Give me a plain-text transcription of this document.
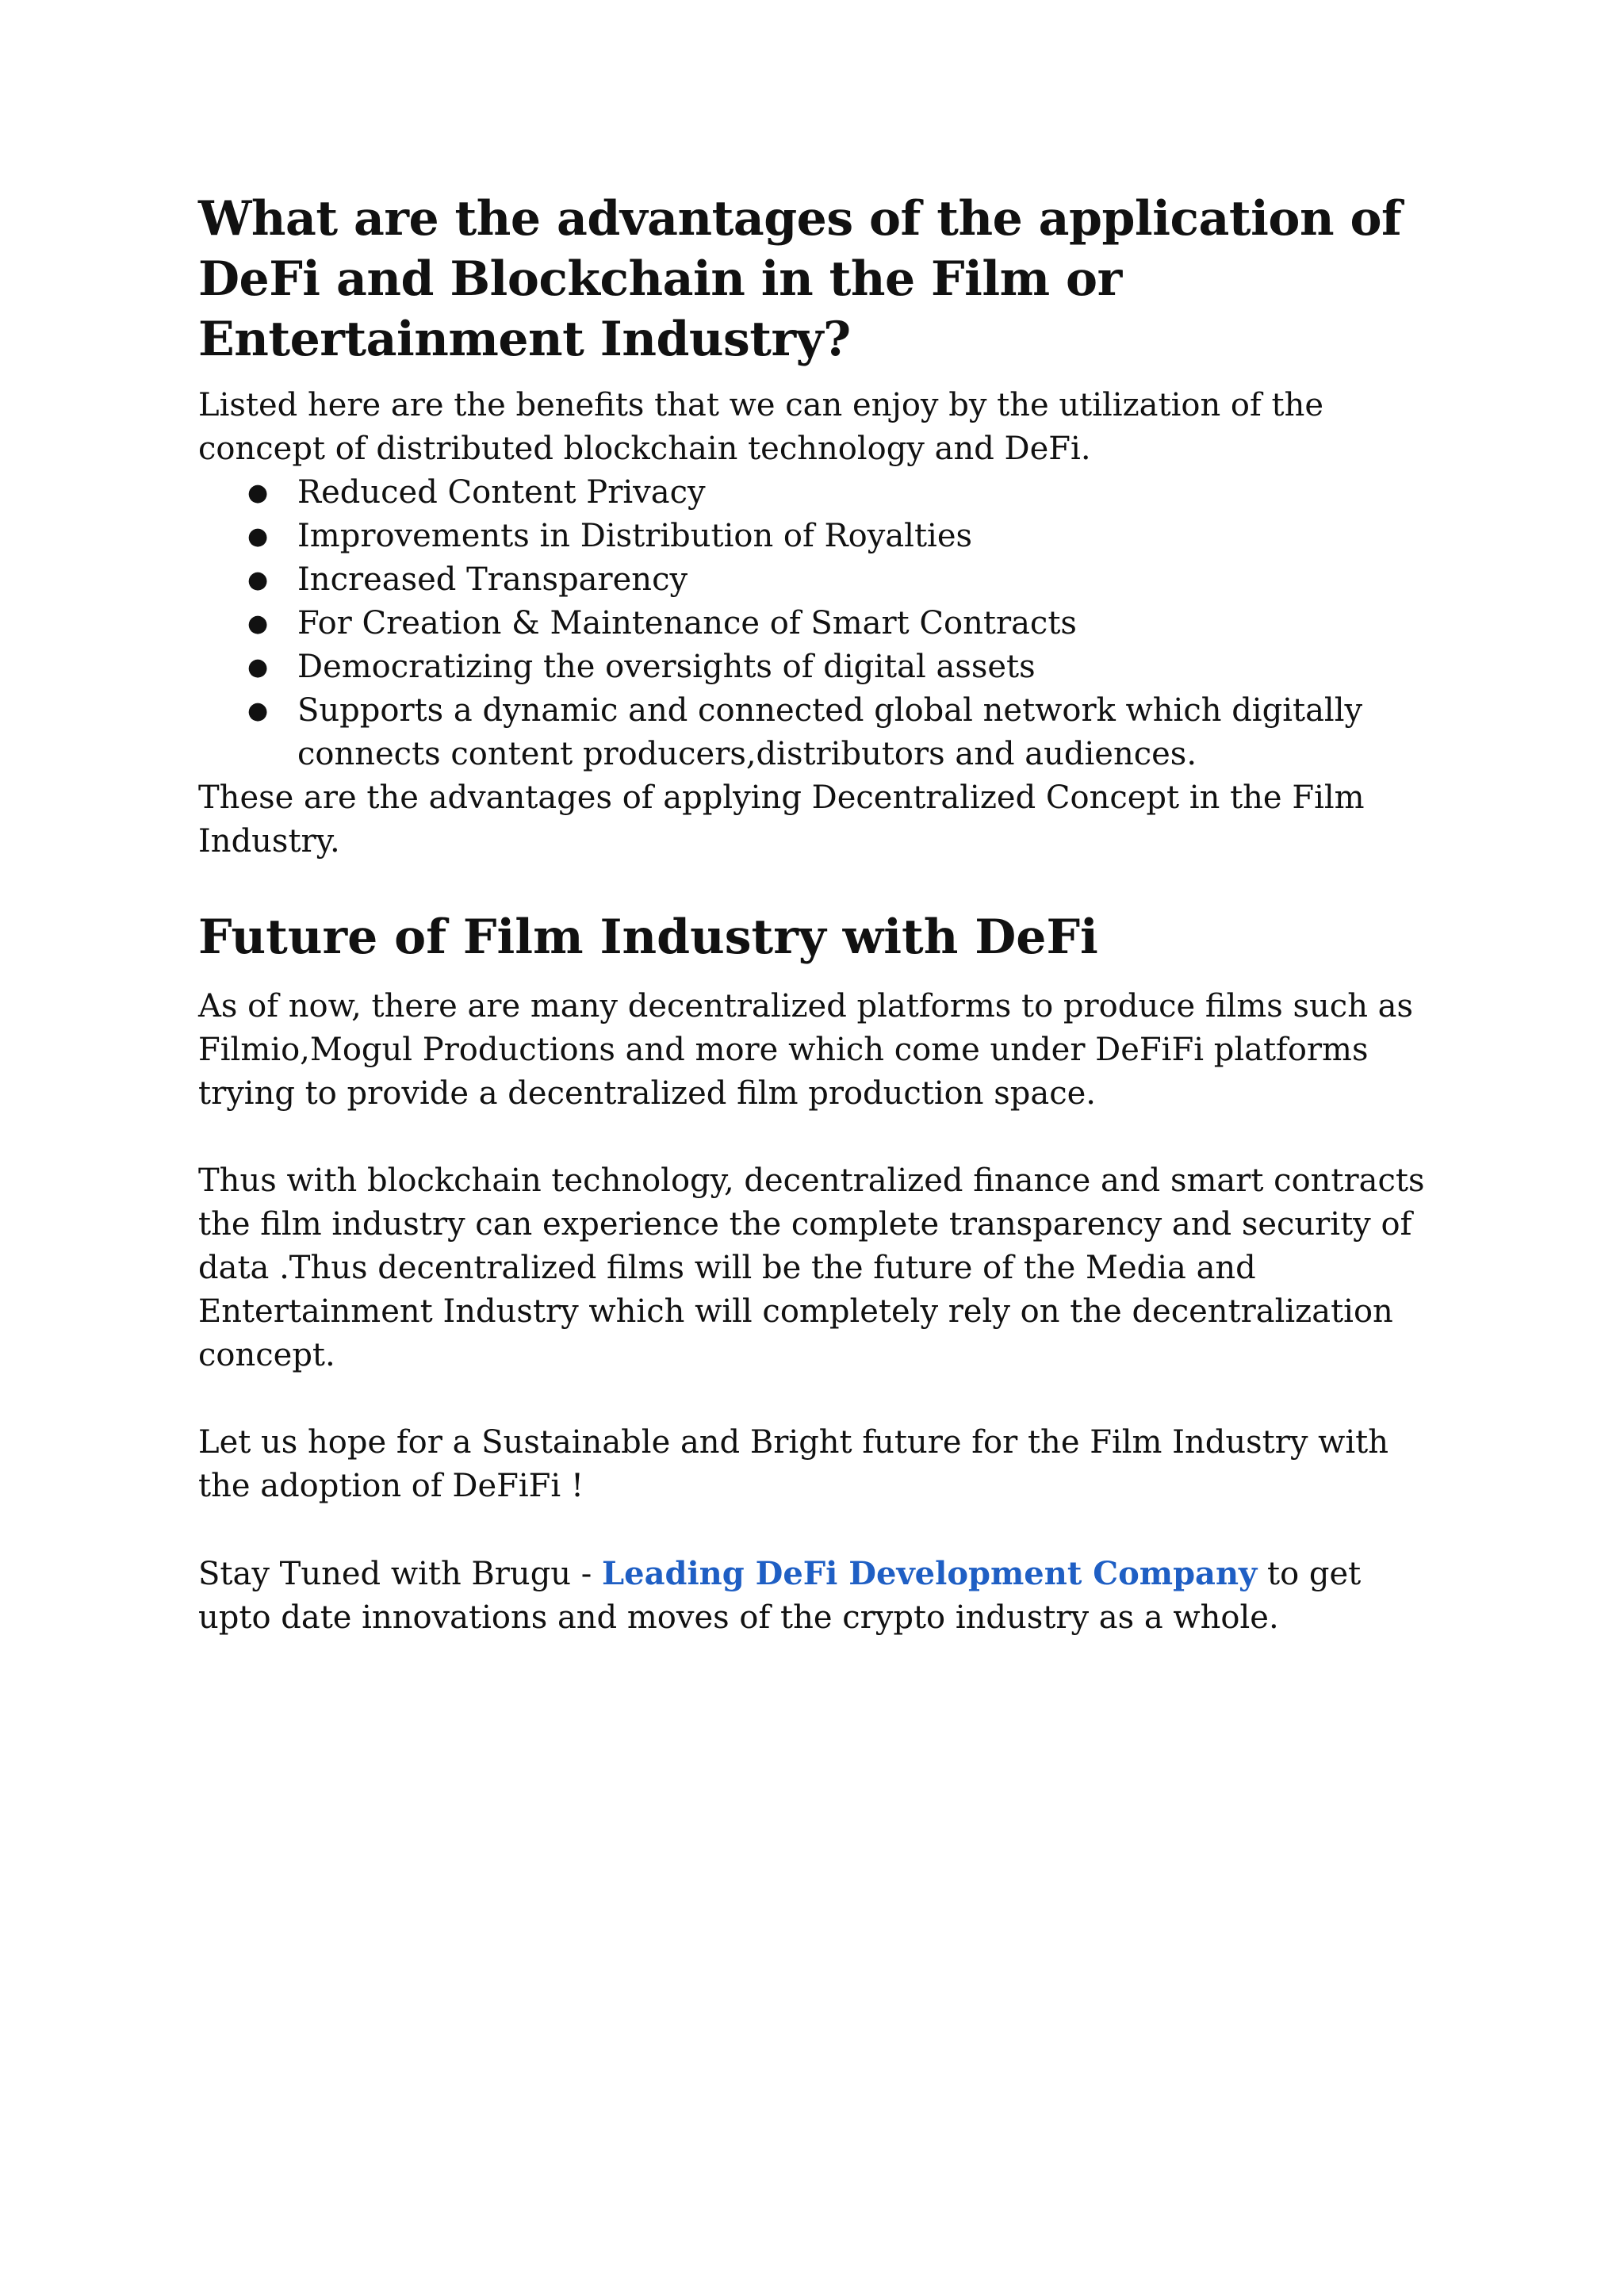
What are the advantages of the application of DeFi and Blockchain in the Film or Entertainment Industry?

Listed here are the benefits that we can enjoy by the utilization of the concept of distributed blockchain technology and DeFi.

● Reduced Content Privacy
● Improvements in Distribution of Royalties
● Increased Transparency
● For Creation & Maintenance of Smart Contracts
● Democratizing the oversights of digital assets
● Supports a dynamic and connected global network which digitally connects content producers,distributors and audiences.

These are the advantages of applying Decentralized Concept in the Film Industry.

Future of Film Industry with DeFi

As of now, there are many decentralized platforms to produce films such as Filmio,Mogul Productions and more which come under DeFiFi platforms trying to provide a decentralized film production space.

Thus with blockchain technology, decentralized finance and smart contracts the film industry can experience the complete transparency and security of data .Thus decentralized films will be the future of the Media and Entertainment Industry which will completely rely on the decentralization concept.

Let us hope for a Sustainable and Bright future for the Film Industry with the adoption of DeFiFi !

Stay Tuned with Brugu - Leading DeFi Development Company to get upto date innovations and moves of the crypto industry as a whole.
